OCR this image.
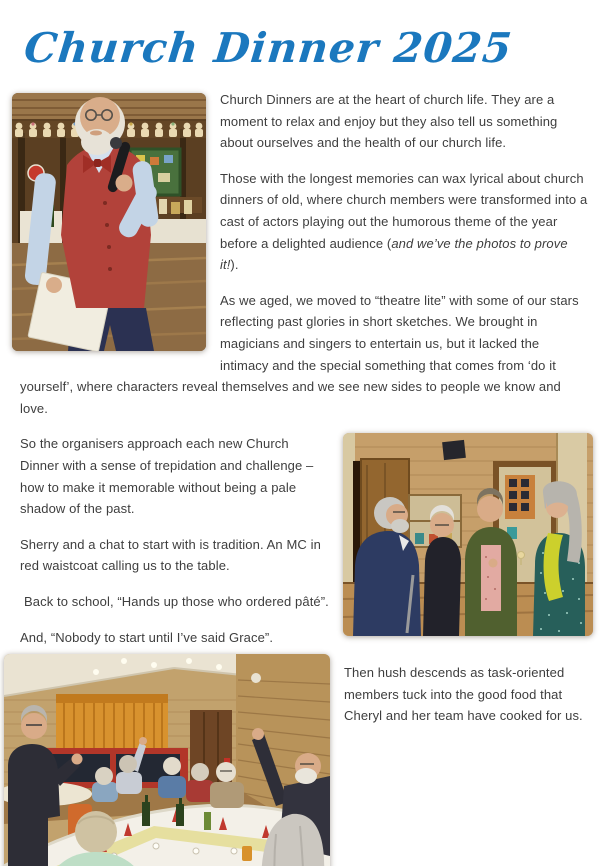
Church Dinner 2025

Church Dinners are at the heart of church life. They are a moment to relax and enjoy but they also tell us something about ourselves and the health of our church life.

Those with the longest memories can wax lyrical about church dinners of old, where church members were transformed into a cast of actors playing out the humorous theme of the year before a delighted audience (and we’ve the photos to prove it!).

As we aged, we moved to “theatre lite” with some of our stars reflecting past glories in short sketches. We brought in magicians and singers to entertain us, but it lacked the intimacy and the special something that comes from ‘do it yourself’, where characters reveal themselves and we see new sides to people we know and love.

So the organisers approach each new Church Dinner with a sense of trepidation and challenge – how to make it memorable without being a pale shadow of the past.

Sherry and a chat to start with is tradition. An MC in red waistcoat calling us to the table.

Back to school, “Hands up those who ordered pâté”.

And, “Nobody to start until I’ve said Grace”.

Then hush descends as task-oriented members tuck into the good food that Cheryl and her team have cooked for us.
